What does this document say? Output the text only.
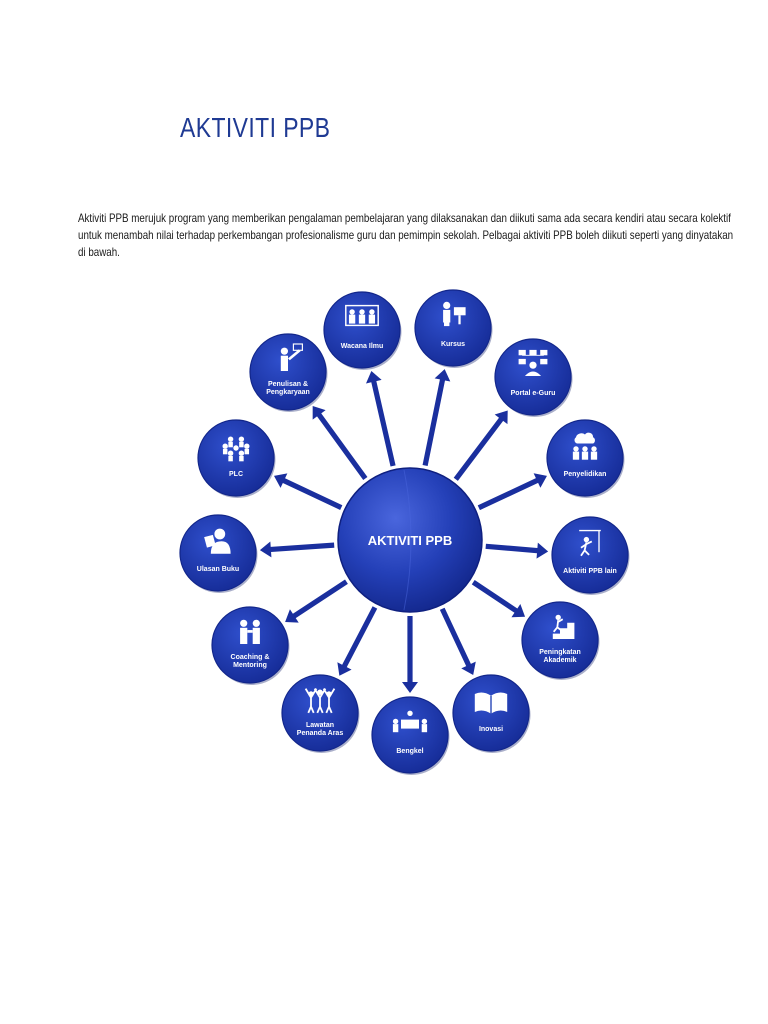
AKTIVITI PPB

Aktiviti PPB merujuk program yang memberikan pengalaman pembelajaran yang dilaksanakan dan diikuti sama ada secara kendiri atau secara kolektif untuk menambah nilai terhadap perkembangan profesionalisme guru dan pemimpin sekolah. Pelbagai aktiviti PPB boleh diikuti seperti yang dinyatakan di bawah.

Wacana Ilmu	Kursus
Portal e-Guru
Penyelidikan
Aktiviti PPB lain
Peningkatan
Akademik
Inovasi
Bengkel
Lawatan
Penanda Aras
Coaching &
Mentoring
Ulasan Buku
PLC
Penulisan &
Pengkaryaan
AKTIVITI PPB
